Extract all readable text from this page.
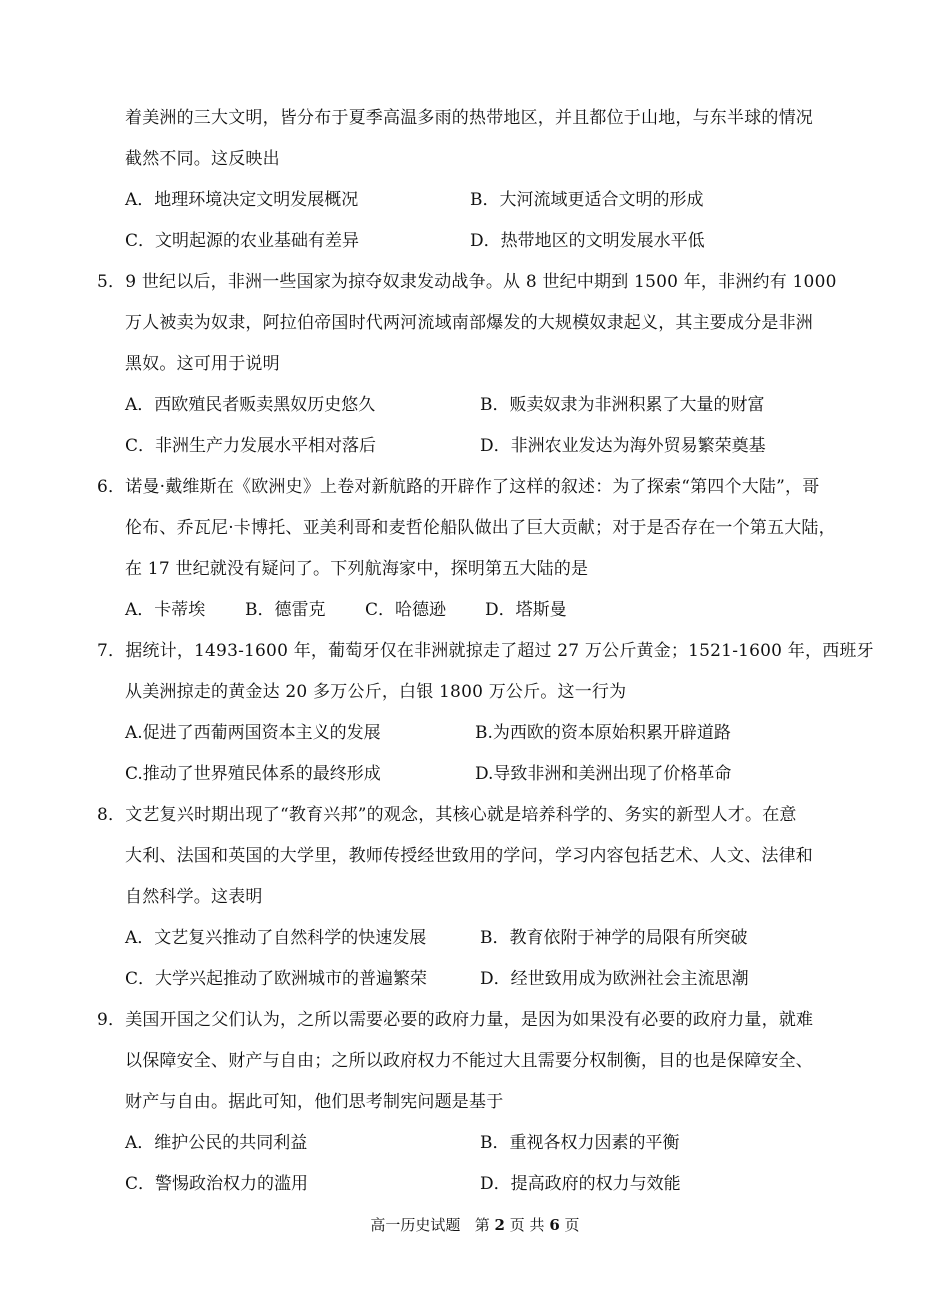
着美洲的三大文明，皆分布于夏季高温多雨的热带地区，并且都位于山地，与东半球的情况
截然不同。这反映出
A．地理环境决定文明发展概况	B．大河流域更适合文明的形成
C．文明起源的农业基础有差异	D．热带地区的文明发展水平低
5．9 世纪以后，非洲一些国家为掠夺奴隶发动战争。从 8 世纪中期到 1500 年，非洲约有 1000
万人被卖为奴隶，阿拉伯帝国时代两河流域南部爆发的大规模奴隶起义，其主要成分是非洲
黑奴。这可用于说明
A．西欧殖民者贩卖黑奴历史悠久	B．贩卖奴隶为非洲积累了大量的财富
C．非洲生产力发展水平相对落后	D．非洲农业发达为海外贸易繁荣奠基
6．诺曼·戴维斯在《欧洲史》上卷对新航路的开辟作了这样的叙述：为了探索“第四个大陆”，哥
伦布、乔瓦尼·卡博托、亚美利哥和麦哲伦船队做出了巨大贡献；对于是否存在一个第五大陆，
在 17 世纪就没有疑问了。下列航海家中，探明第五大陆的是
A．卡蒂埃 B．德雷克 C．哈德逊 D．塔斯曼
7．据统计，1493-1600 年，葡萄牙仅在非洲就掠走了超过 27 万公斤黄金；1521-1600 年，西班牙
从美洲掠走的黄金达 20 多万公斤，白银 1800 万公斤。这一行为
A.促进了西葡两国资本主义的发展	B.为西欧的资本原始积累开辟道路
C.推动了世界殖民体系的最终形成	D.导致非洲和美洲出现了价格革命
8．文艺复兴时期出现了“教育兴邦”的观念，其核心就是培养科学的、务实的新型人才。在意
大利、法国和英国的大学里，教师传授经世致用的学问，学习内容包括艺术、人文、法律和
自然科学。这表明
A．文艺复兴推动了自然科学的快速发展	B．教育依附于神学的局限有所突破
C．大学兴起推动了欧洲城市的普遍繁荣	D．经世致用成为欧洲社会主流思潮
9．美国开国之父们认为，之所以需要必要的政府力量，是因为如果没有必要的政府力量，就难
以保障安全、财产与自由；之所以政府权力不能过大且需要分权制衡，目的也是保障安全、
财产与自由。据此可知，他们思考制宪问题是基于
A．维护公民的共同利益	B．重视各权力因素的平衡
C．警惕政治权力的滥用	D．提高政府的权力与效能
高一历史试题 第 2 页 共 6 页
